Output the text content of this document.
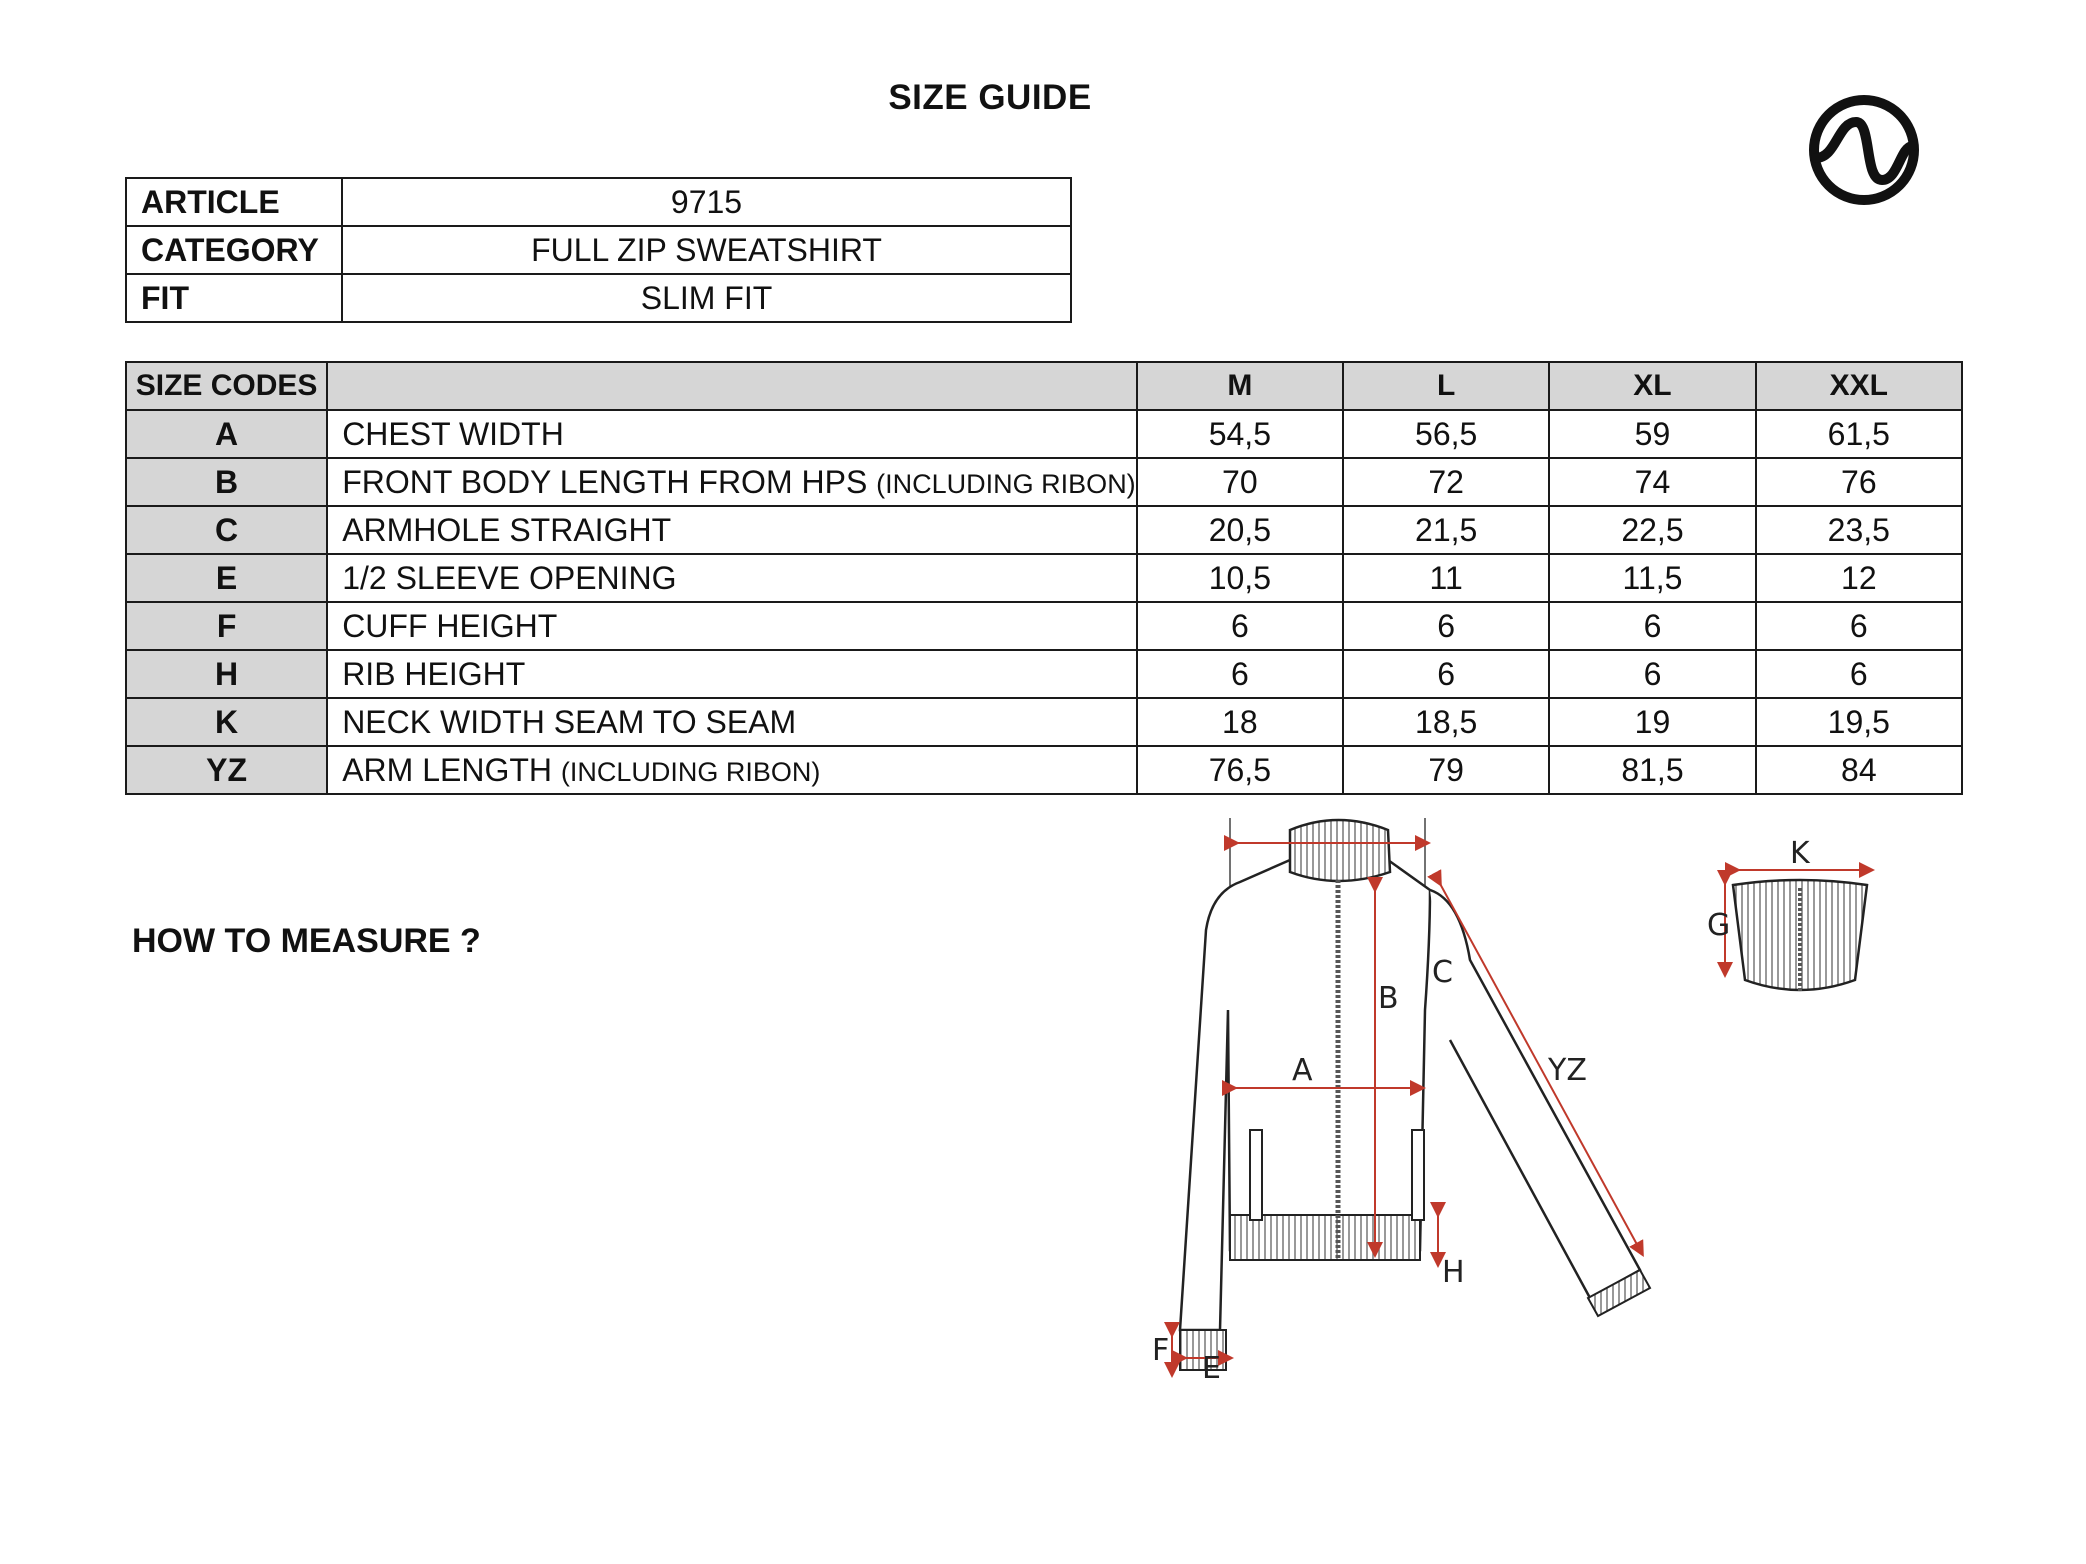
SIZE GUIDE
ARTICLE	9715
CATEGORY	FULL ZIP SWEATSHIRT
FIT	SLIM FIT
SIZE CODES		M	L	XL	XXL
A	CHEST WIDTH	54,5	56,5	59	61,5
B	FRONT BODY LENGTH FROM HPS (INCLUDING RIBON)	70	72	74	76
C	ARMHOLE STRAIGHT	20,5	21,5	22,5	23,5
E	1/2 SLEEVE OPENING	10,5	11	11,5	12
F	CUFF HEIGHT	6	6	6	6
H	RIB HEIGHT	6	6	6	6
K	NECK WIDTH SEAM TO SEAM	18	18,5	19	19,5
YZ	ARM LENGTH (INCLUDING RIBON)	76,5	79	81,5	84
HOW TO MEASURE ?
A
B
C
YZ
H
F
E
K
G
